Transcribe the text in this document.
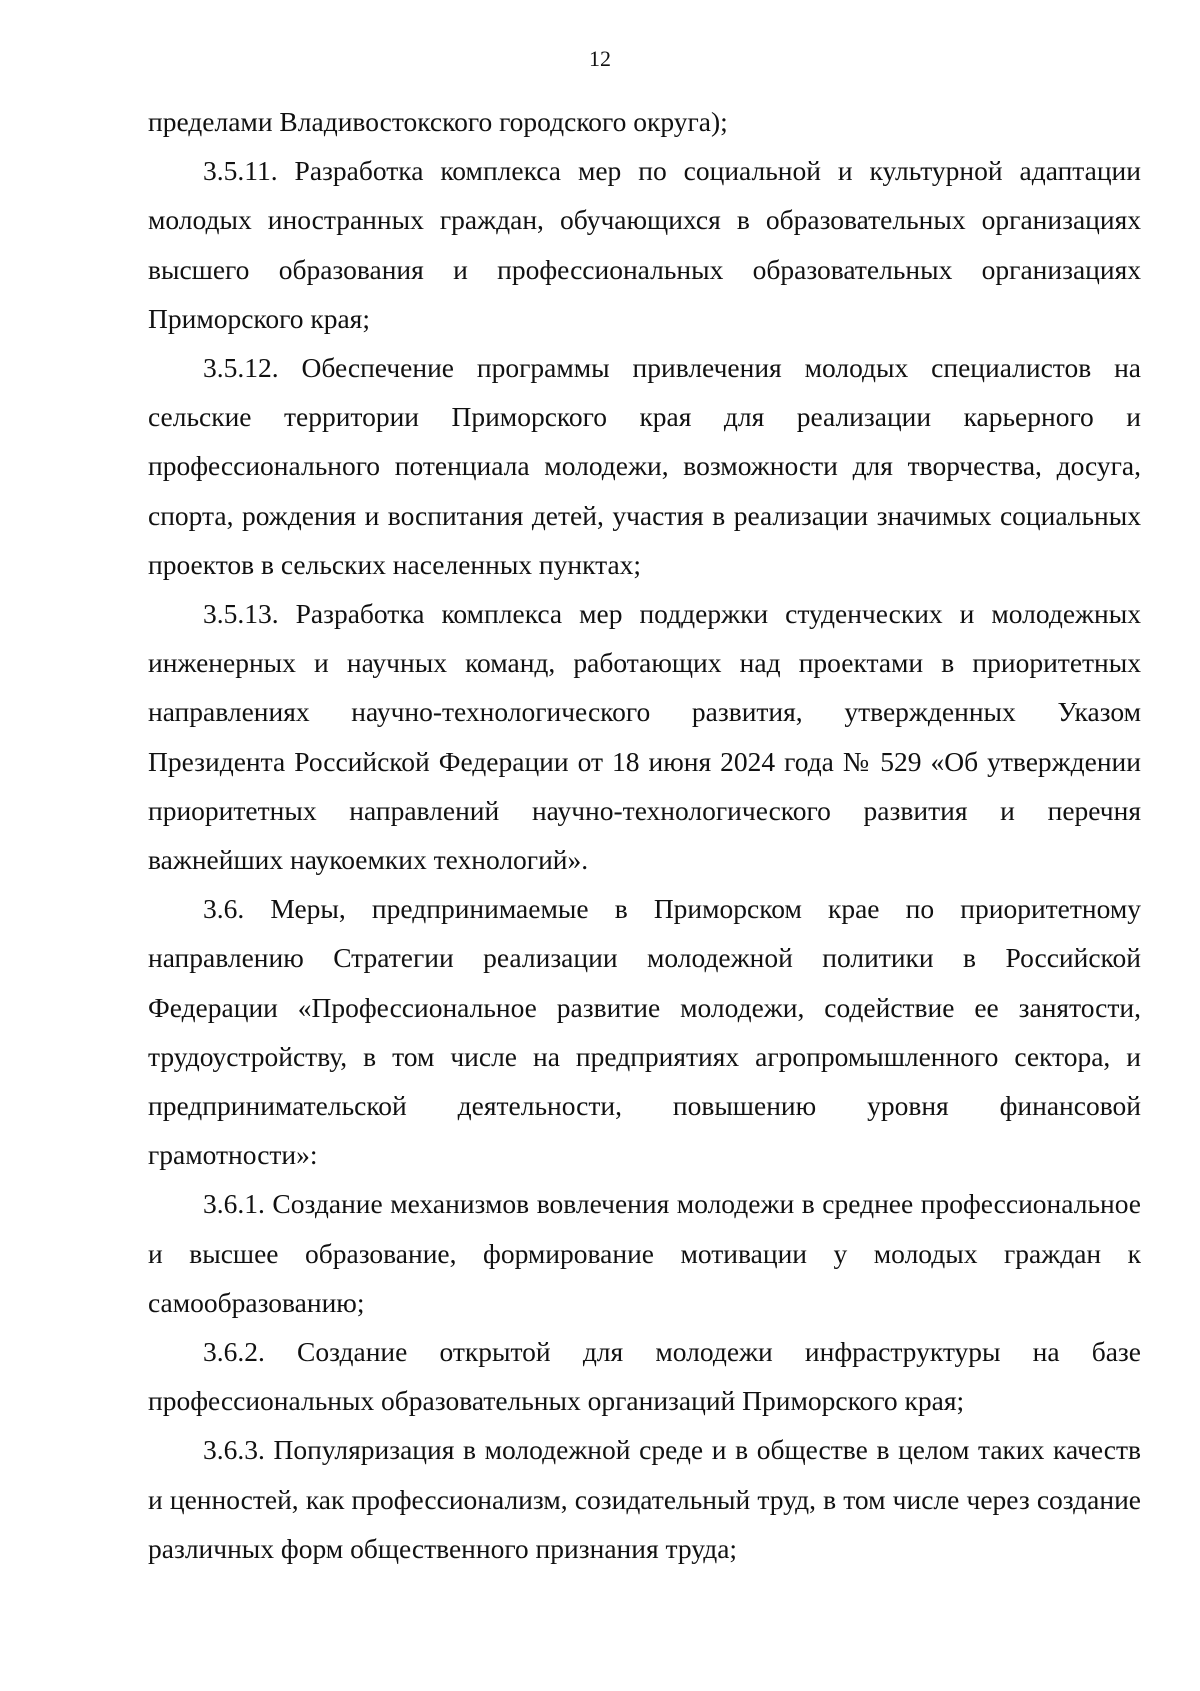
12

пределами Владивостокского городского округа);

3.5.11. Разработка комплекса мер по социальной и культурной адаптации молодых иностранных граждан, обучающихся в образовательных организациях высшего образования и профессиональных образовательных организациях Приморского края;

3.5.12. Обеспечение программы привлечения молодых специалистов на сельские территории Приморского края для реализации карьерного и профессионального потенциала молодежи, возможности для творчества, досуга, спорта, рождения и воспитания детей, участия в реализации значимых социальных проектов в сельских населенных пунктах;

3.5.13. Разработка комплекса мер поддержки студенческих и молодежных инженерных и научных команд, работающих над проектами в приоритетных направлениях научно-технологического развития, утвержденных Указом Президента Российской Федерации от 18 июня 2024 года № 529 «Об утверждении приоритетных направлений научно-технологического развития и перечня важнейших наукоемких технологий».

3.6. Меры, предпринимаемые в Приморском крае по приоритетному направлению Стратегии реализации молодежной политики в Российской Федерации «Профессиональное развитие молодежи, содействие ее занятости, трудоустройству, в том числе на предприятиях агропромышленного сектора, и предпринимательской деятельности, повышению уровня финансовой грамотности»:

3.6.1. Создание механизмов вовлечения молодежи в среднее профессиональное и высшее образование, формирование мотивации у молодых граждан к самообразованию;

3.6.2. Создание открытой для молодежи инфраструктуры на базе профессиональных образовательных организаций Приморского края;

3.6.3. Популяризация в молодежной среде и в обществе в целом таких качеств и ценностей, как профессионализм, созидательный труд, в том числе через создание различных форм общественного признания труда;
